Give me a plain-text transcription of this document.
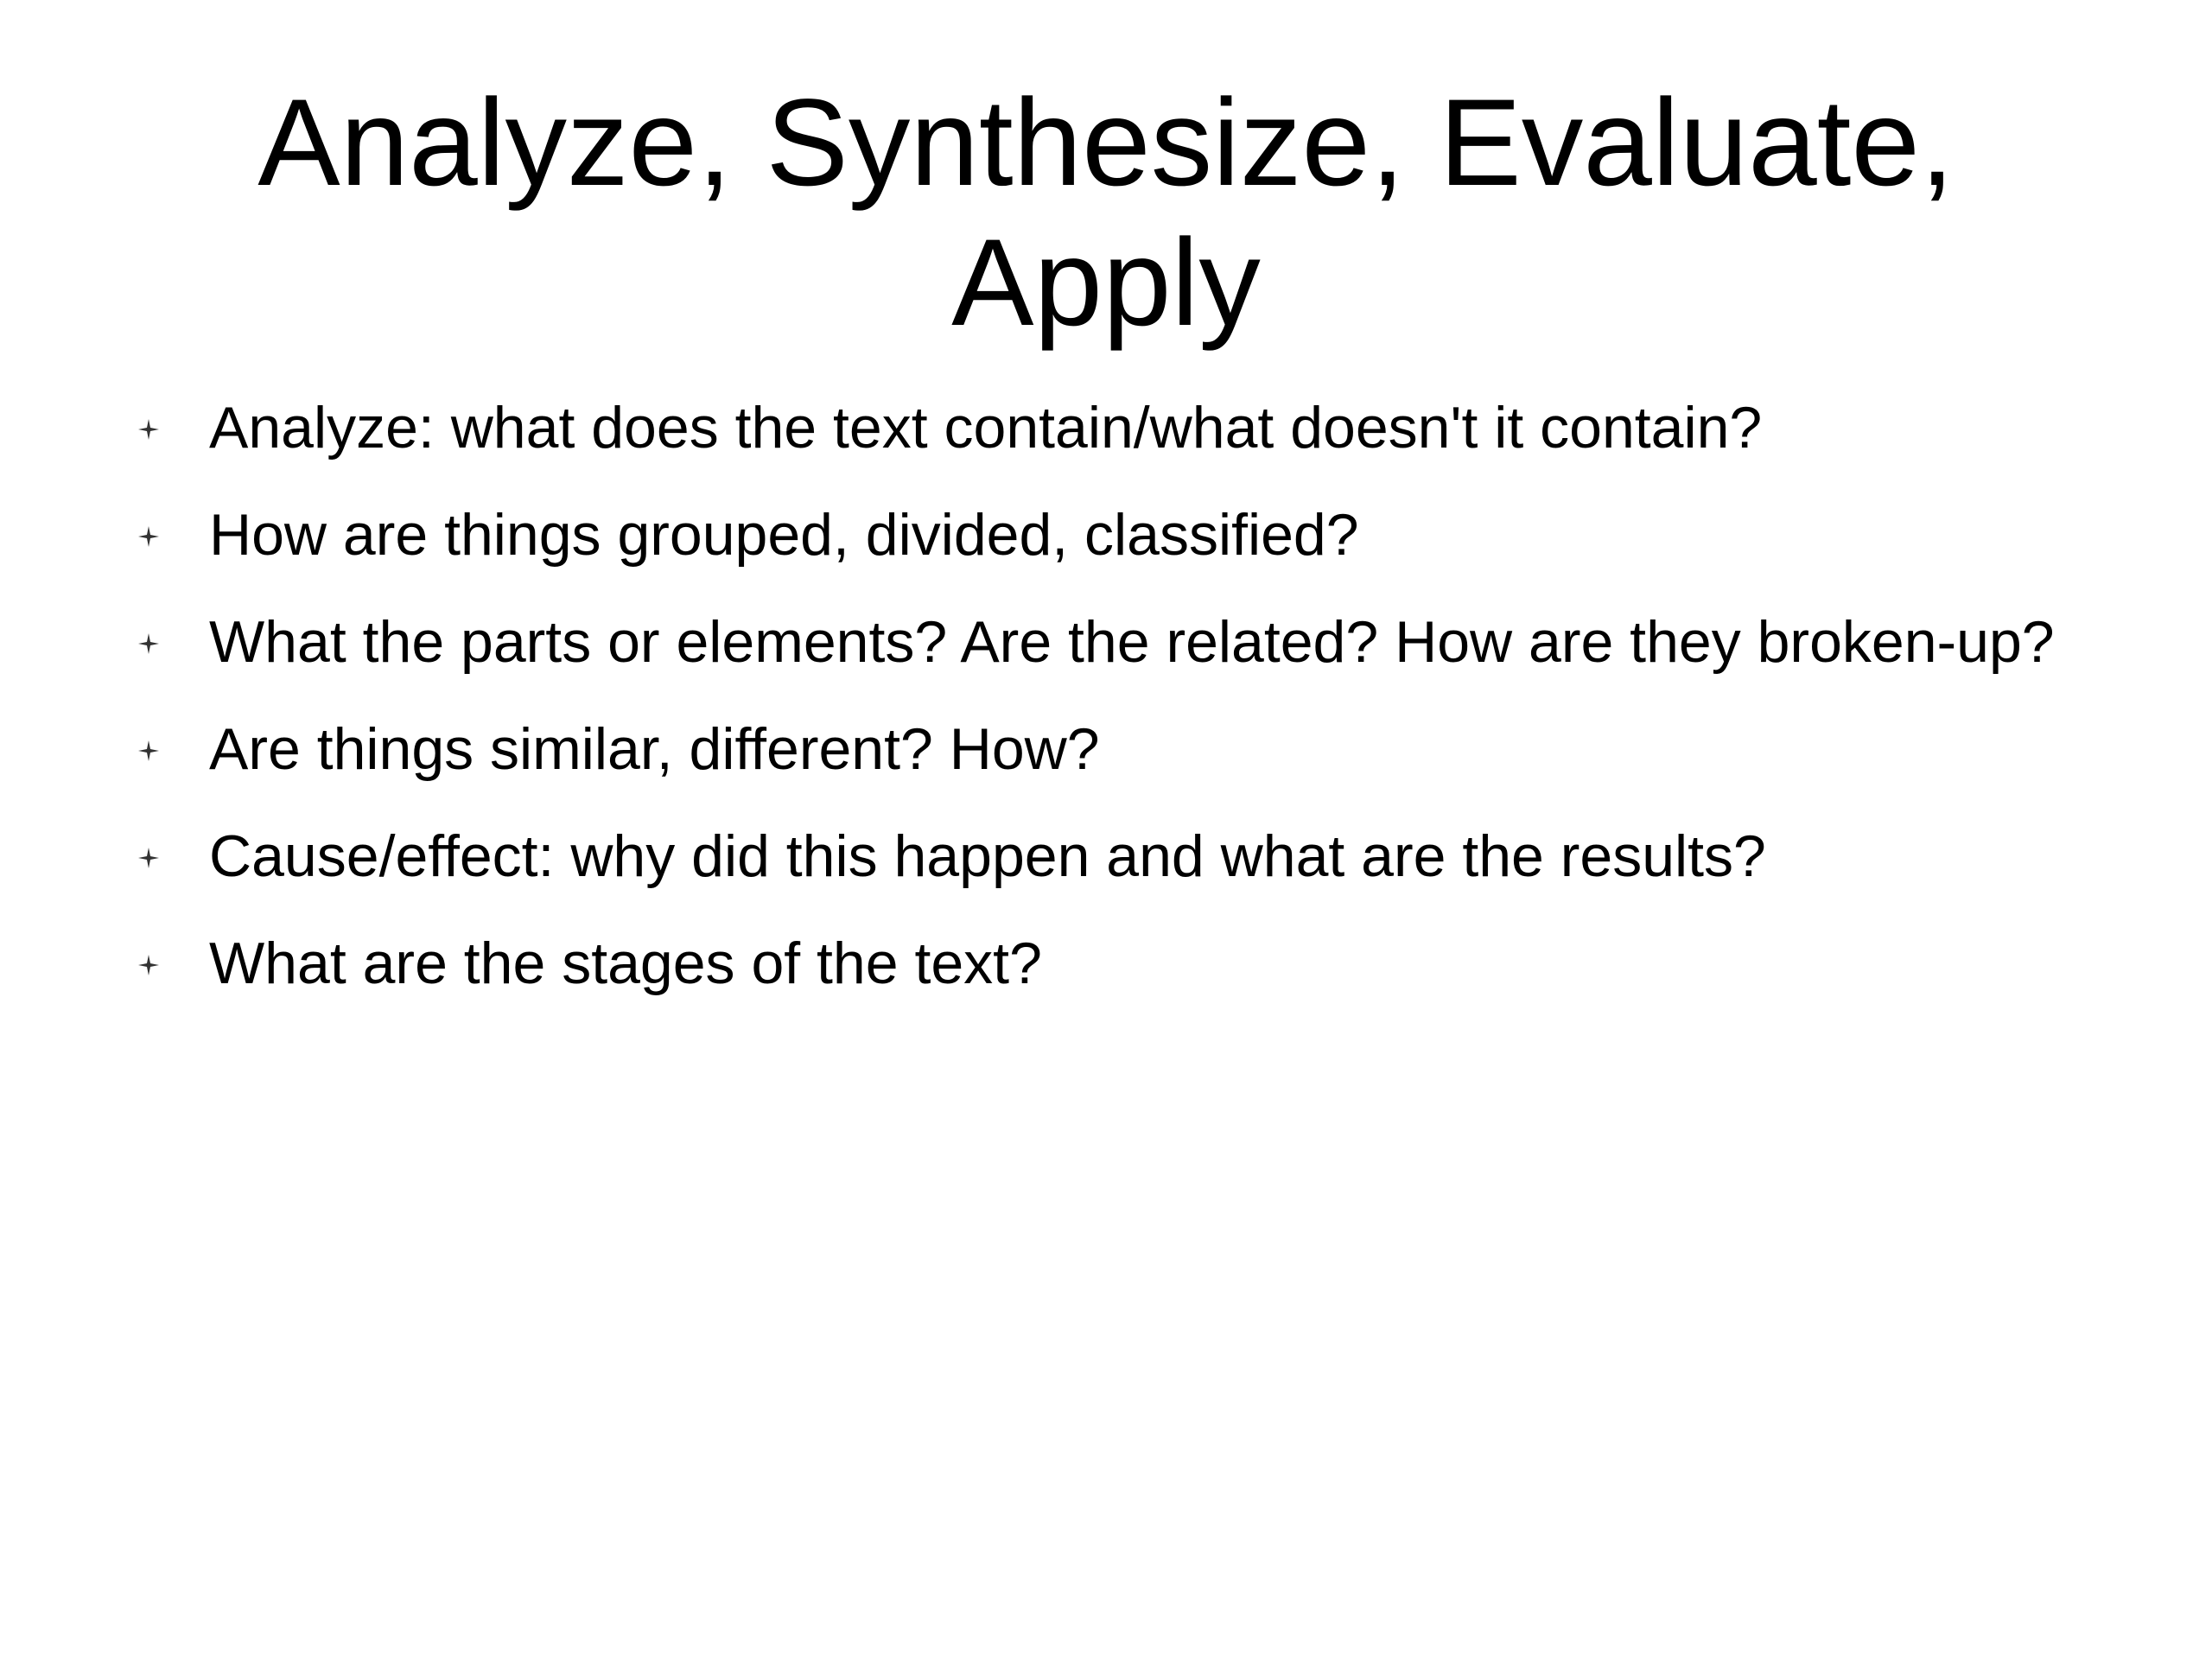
Analyze, Synthesize, Evaluate, Apply
Analyze: what does the text contain/what doesn't it contain?
How are things grouped, divided, classified?
What the parts or elements? Are the related? How are they broken-up?
Are things similar, different? How?
Cause/effect: why did this happen and what are the results?
What are the stages of the text?
